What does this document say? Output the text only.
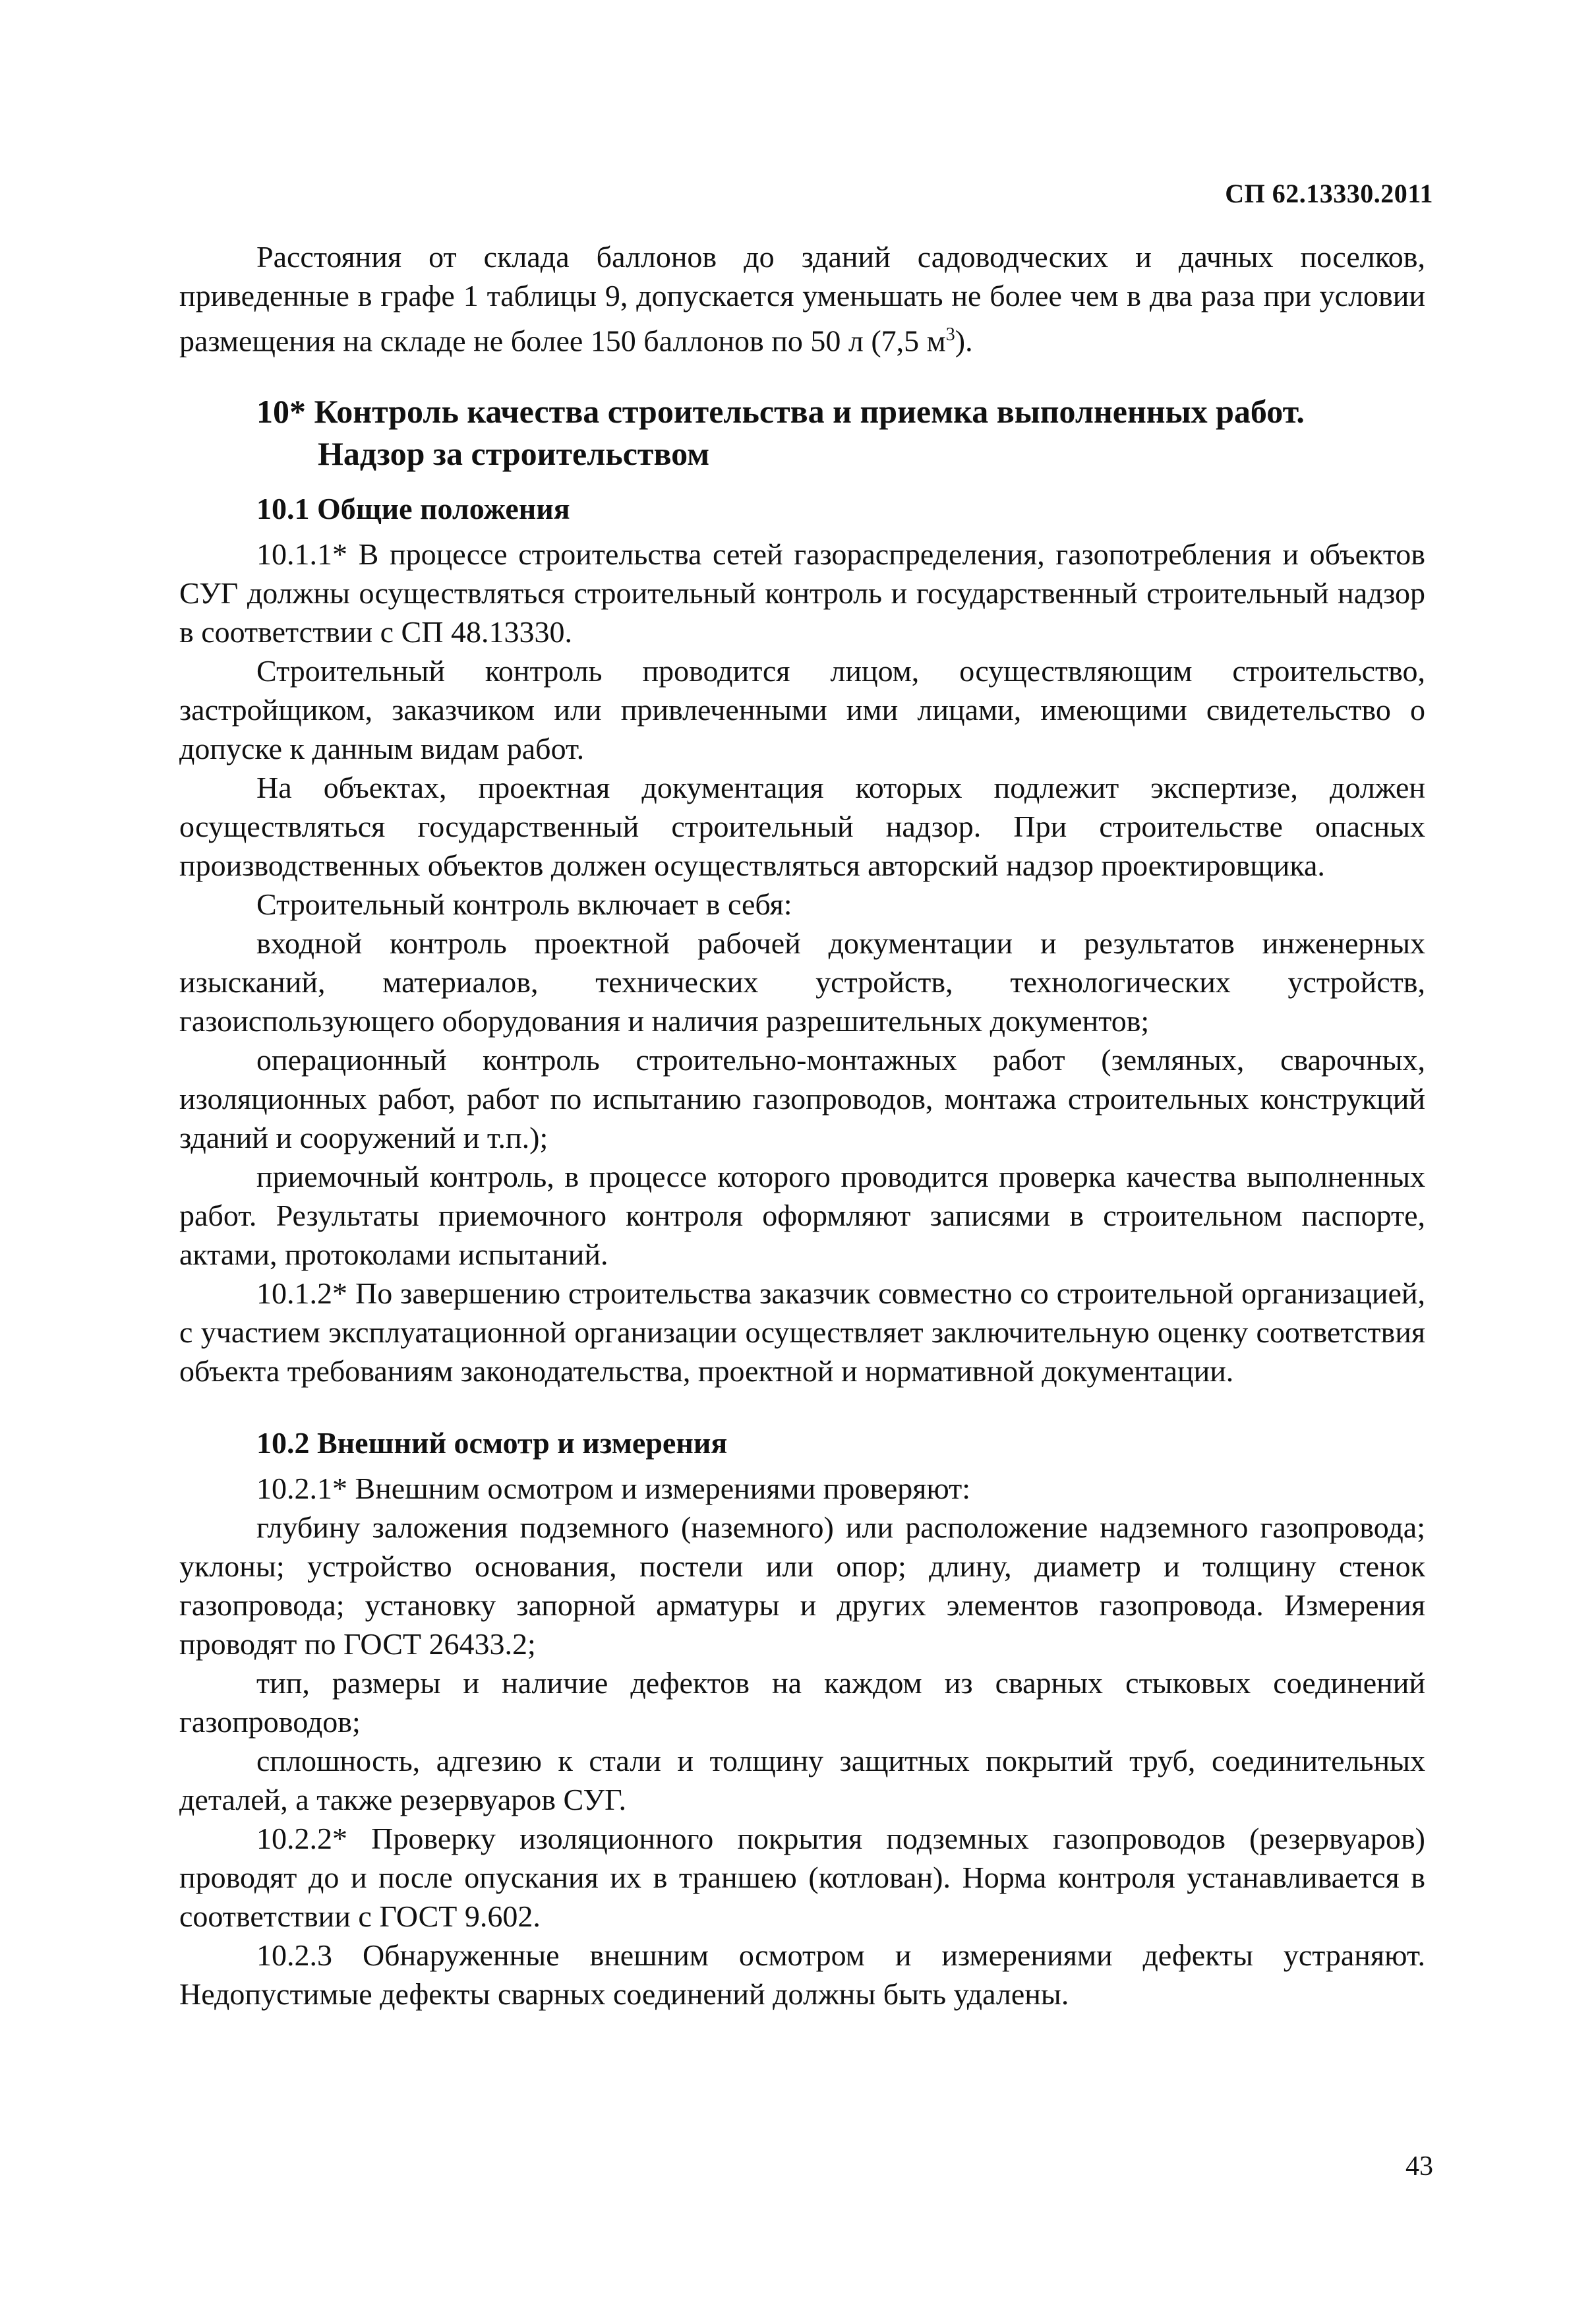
СП 62.13330.2011

Расстояния от склада баллонов до зданий садоводческих и дачных поселков, приведенные в графе 1 таблицы 9, допускается уменьшать не более чем в два раза при условии размещения на складе не более 150 баллонов по 50 л (7,5 $м^3$).

10* Контроль качества строительства и приемка выполненных работ.
Надзор за строительством
10.1 Общие положения

10.1.1* В процессе строительства сетей газораспределения, газопотребления и объектов СУГ должны осуществляться строительный контроль и государственный строительный надзор в соответствии с СП 48.13330.

Строительный контроль проводится лицом, осуществляющим строительство, застройщиком, заказчиком или привлеченными ими лицами, имеющими свидетельство о допуске к данным видам работ.

На объектах, проектная документация которых подлежит экспертизе, должен осуществляться государственный строительный надзор. При строительстве опасных производственных объектов должен осуществляться авторский надзор проектировщика.

Строительный контроль включает в себя:

входной контроль проектной рабочей документации и результатов инженерных изысканий, материалов, технических устройств, технологических устройств, газоиспользующего оборудования и наличия разрешительных документов;

операционный контроль строительно-монтажных работ (земляных, сварочных, изоляционных работ, работ по испытанию газопроводов, монтажа строительных конструкций зданий и сооружений и т.п.);

приемочный контроль, в процессе которого проводится проверка качества выполненных работ. Результаты приемочного контроля оформляют записями в строительном паспорте, актами, протоколами испытаний.

10.1.2* По завершению строительства заказчик совместно со строительной организацией, с участием эксплуатационной организации осуществляет заключительную оценку соответствия объекта требованиям законодательства, проектной и нормативной документации.

10.2 Внешний осмотр и измерения

10.2.1* Внешним осмотром и измерениями проверяют:

глубину заложения подземного (наземного) или расположение надземного газопровода; уклоны; устройство основания, постели или опор; длину, диаметр и толщину стенок газопровода; установку запорной арматуры и других элементов газопровода. Измерения проводят по ГОСТ 26433.2;

тип, размеры и наличие дефектов на каждом из сварных стыковых соединений газопроводов;

сплошность, адгезию к стали и толщину защитных покрытий труб, соединительных деталей, а также резервуаров СУГ.

10.2.2* Проверку изоляционного покрытия подземных газопроводов (резервуаров) проводят до и после опускания их в траншею (котлован). Норма контроля устанавливается в соответствии с ГОСТ 9.602.

10.2.3 Обнаруженные внешним осмотром и измерениями дефекты устраняют. Недопустимые дефекты сварных соединений должны быть удалены.

43
